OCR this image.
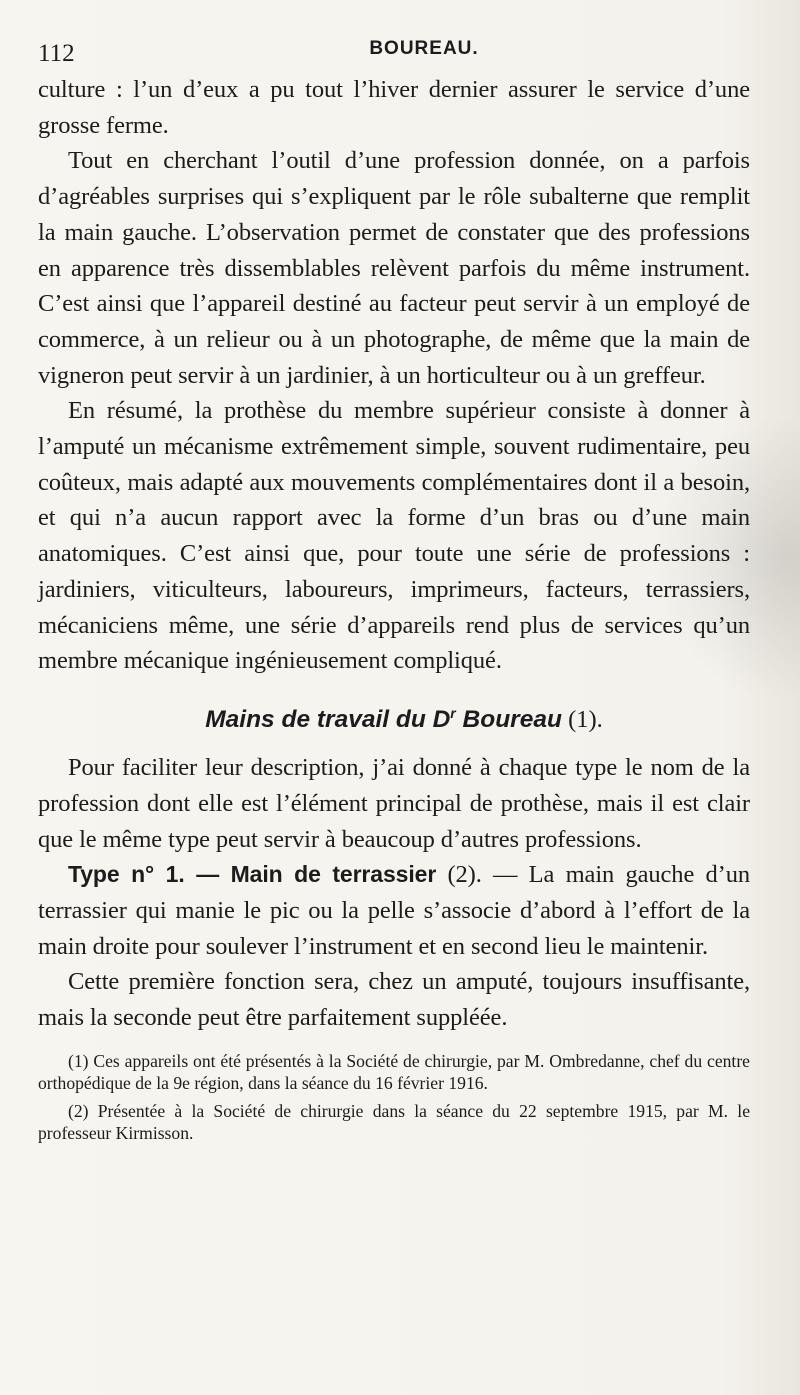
112	BOUREAU.

culture : l’un d’eux a pu tout l’hiver dernier assurer le service d’une grosse ferme.

Tout en cherchant l’outil d’une profession donnée, on a parfois d’agréables surprises qui s’expliquent par le rôle subalterne que remplit la main gauche. L’observation permet de constater que des professions en apparence très dissemblables relèvent parfois du même instrument. C’est ainsi que l’appareil destiné au facteur peut servir à un employé de commerce, à un relieur ou à un photographe, de même que la main de vigneron peut servir à un jardinier, à un horticulteur ou à un greffeur.

En résumé, la prothèse du membre supérieur consiste à donner à l’amputé un mécanisme extrêmement simple, souvent rudimentaire, peu coûteux, mais adapté aux mouvements complémentaires dont il a besoin, et qui n’a aucun rapport avec la forme d’un bras ou d’une main anatomiques. C’est ainsi que, pour toute une série de professions : jardiniers, viticulteurs, laboureurs, imprimeurs, facteurs, terrassiers, mécaniciens même, une série d’appareils rend plus de services qu’un membre mécanique ingénieusement compliqué.

Mains de travail du $D^r$ Boureau (1).

Pour faciliter leur description, j’ai donné à chaque type le nom de la profession dont elle est l’élément principal de prothèse, mais il est clair que le même type peut servir à beaucoup d’autres professions.

Type n° 1. — Main de terrassier (2). — La main gauche d’un terrassier qui manie le pic ou la pelle s’associe d’abord à l’effort de la main droite pour soulever l’instrument et en second lieu le maintenir.

Cette première fonction sera, chez un amputé, toujours insuffisante, mais la seconde peut être parfaitement suppléée.

(1) Ces appareils ont été présentés à la Société de chirurgie, par M. Ombredanne, chef du centre orthopédique de la 9e région, dans la séance du 16 février 1916.

(2) Présentée à la Société de chirurgie dans la séance du 22 septembre 1915, par M. le professeur Kirmisson.
